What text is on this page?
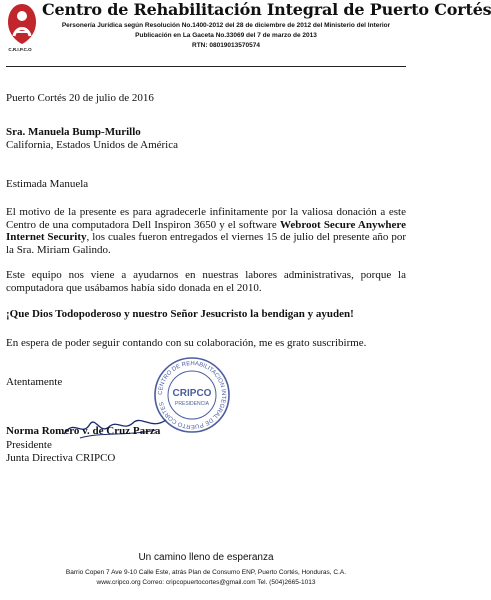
C.R.I.P.C.O
Centro de Rehabilitación Integral de Puerto Cortés
Personería Jurídica según Resolución No.1400-2012 del 28 de diciembre de 2012 del Ministerio del Interior
Publicación en La Gaceta No.33069 del 7 de marzo de 2013
RTN: 08019013570574
Puerto Cortés 20 de julio de 2016
Sra. Manuela Bump-Murillo
California, Estados Unidos de América
Estimada Manuela
El motivo de la presente es para agradecerle infinitamente por la valiosa donación a este Centro de una computadora Dell Inspiron 3650 y el software Webroot Secure Anywhere Internet Security, los cuales fueron entregados el viernes 15 de julio del presente año por la Sra. Miriam Galindo.
Este equipo nos viene a ayudarnos en nuestras labores administrativas, porque la computadora que usábamos había sido donada en el 2010.
¡Que Dios Todopoderoso y nuestro Señor Jesucristo la bendigan y ayuden!
En espera de poder seguir contando con su colaboración, me es grato suscribirme.
Atentamente
Norma Romero v. de Cruz Parza
Presidente
Junta Directiva CRIPCO
CENTRO DE REHABILITACION INTEGRAL DE PUERTO CORTES
CRIPCO
PRESIDENCIA
Un camino lleno de esperanza
Barrio Copen 7 Ave 9-10 Calle Este, atrás Plan de Consumo ENP, Puerto Cortés, Honduras, C.A.
www.cripco.org Correo: cripcopuertocortes@gmail.com Tel. (504)2665-1013
